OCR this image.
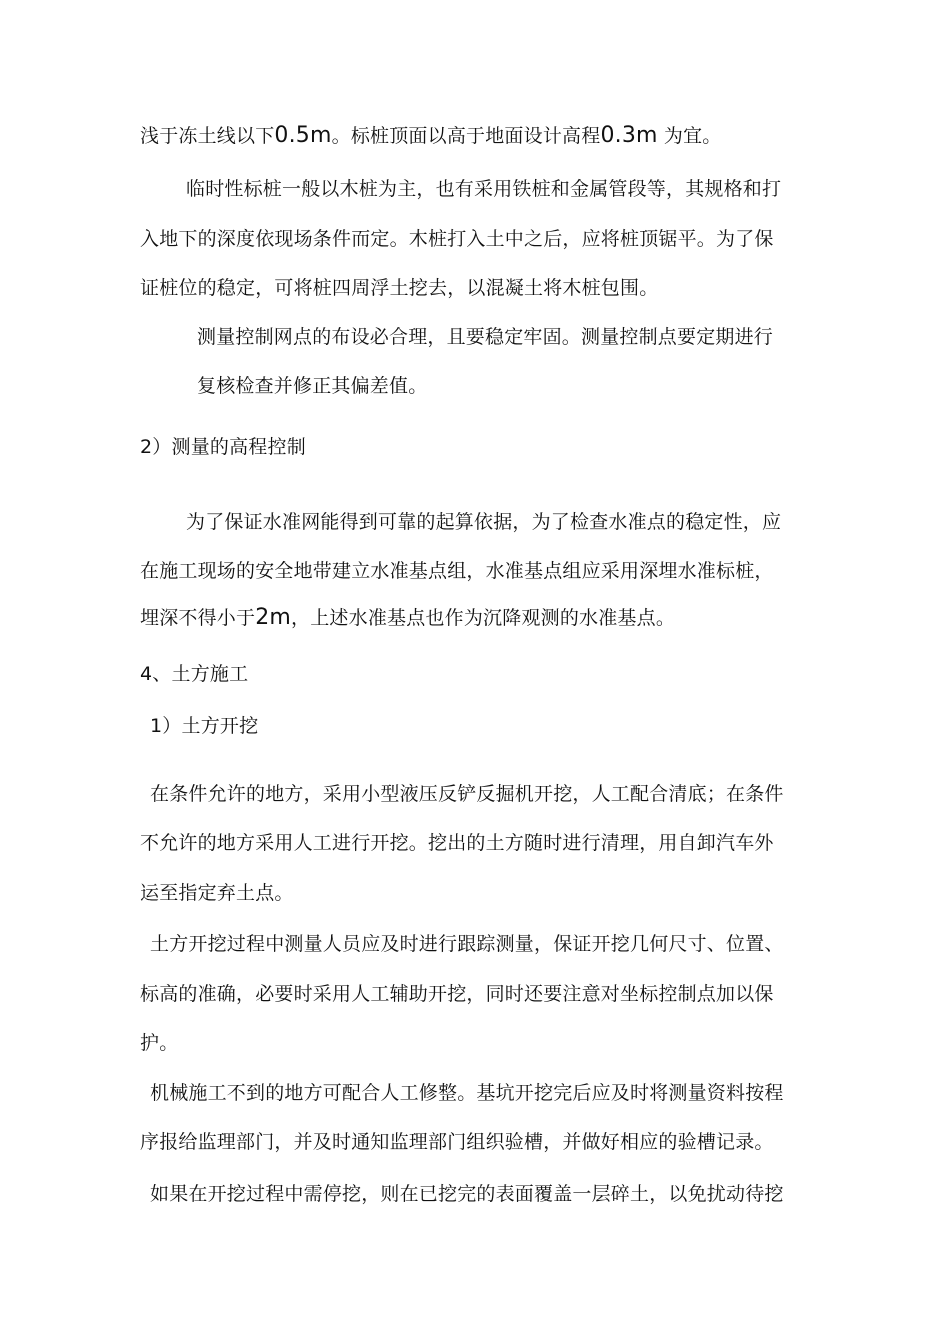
浅于冻土线以下0.5m。标桩顶面以高于地面设计高程0.3m 为宜。
临时性标桩一般以木桩为主，也有采用铁桩和金属管段等，其规格和打
入地下的深度依现场条件而定。木桩打入土中之后，应将桩顶锯平。为了保
证桩位的稳定，可将桩四周浮土挖去，以混凝土将木桩包围。
测量控制网点的布设必合理，且要稳定牢固。测量控制点要定期进行
复核检查并修正其偏差值。
2）测量的高程控制
为了保证水准网能得到可靠的起算依据，为了检查水准点的稳定性，应
在施工现场的安全地带建立水准基点组，水准基点组应采用深埋水准标桩，
埋深不得小于2m，上述水准基点也作为沉降观测的水准基点。
4、土方施工
1）土方开挖
在条件允许的地方，采用小型液压反铲反掘机开挖，人工配合清底；在条件
不允许的地方采用人工进行开挖。挖出的土方随时进行清理，用自卸汽车外
运至指定弃土点。
土方开挖过程中测量人员应及时进行跟踪测量，保证开挖几何尺寸、位置、
标高的准确，必要时采用人工辅助开挖，同时还要注意对坐标控制点加以保
护。
机械施工不到的地方可配合人工修整。基坑开挖完后应及时将测量资料按程
序报给监理部门，并及时通知监理部门组织验槽，并做好相应的验槽记录。
如果在开挖过程中需停挖，则在已挖完的表面覆盖一层碎土，以免扰动待挖
